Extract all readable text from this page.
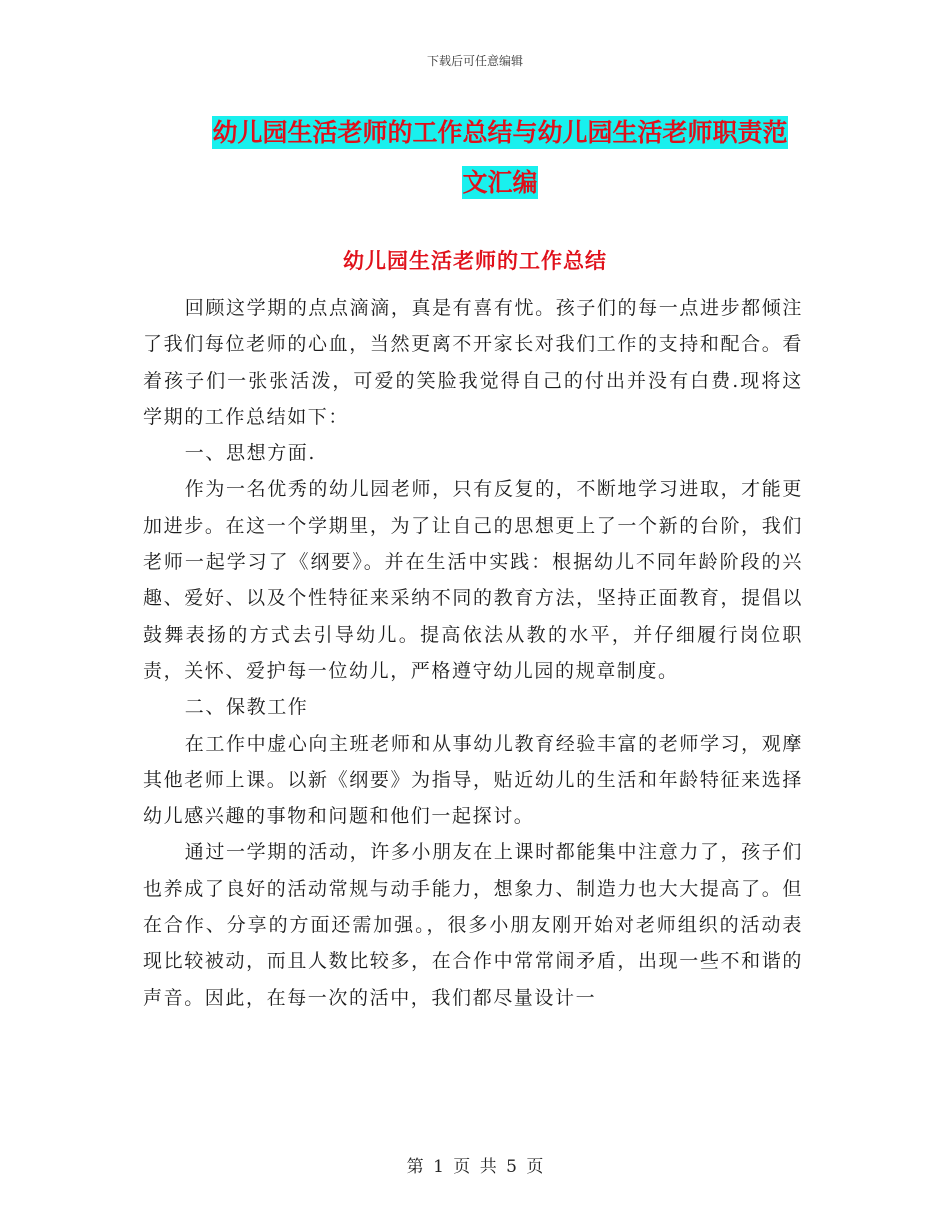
下载后可任意编辑
幼儿园生活老师的工作总结与幼儿园生活老师职责范
文汇编
幼儿园生活老师的工作总结

回顾这学期的点点滴滴，真是有喜有忧。孩子们的每一点进步都倾注了我们每位老师的心血，当然更离不开家长对我们工作的支持和配合。看着孩子们一张张活泼，可爱的笑脸我觉得自己的付出并没有白费.现将这学期的工作总结如下：

一、思想方面.

作为一名优秀的幼儿园老师，只有反复的，不断地学习进取，才能更加进步。在这一个学期里，为了让自己的思想更上了一个新的台阶，我们老师一起学习了《纲要》。并在生活中实践：根据幼儿不同年龄阶段的兴趣、爱好、以及个性特征来采纳不同的教育方法，坚持正面教育，提倡以鼓舞表扬的方式去引导幼儿。提高依法从教的水平，并仔细履行岗位职责，关怀、爱护每一位幼儿，严格遵守幼儿园的规章制度。

二、保教工作

在工作中虚心向主班老师和从事幼儿教育经验丰富的老师学习，观摩其他老师上课。以新《纲要》为指导，贴近幼儿的生活和年龄特征来选择幼儿感兴趣的事物和问题和他们一起探讨。

通过一学期的活动，许多小朋友在上课时都能集中注意力了，孩子们也养成了良好的活动常规与动手能力，想象力、制造力也大大提高了。但在合作、分享的方面还需加强。，很多小朋友刚开始对老师组织的活动表现比较被动，而且人数比较多，在合作中常常闹矛盾，出现一些不和谐的声音。因此，在每一次的活中，我们都尽量设计一

第 1 页 共 5 页
